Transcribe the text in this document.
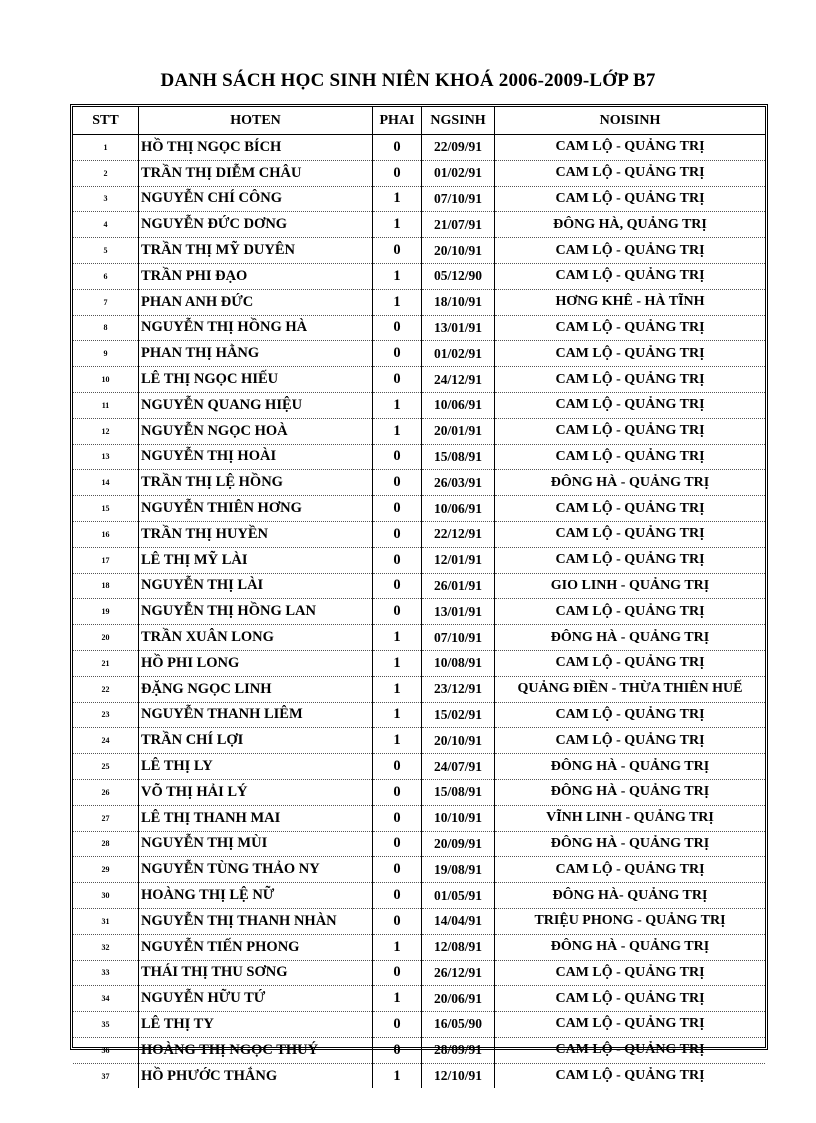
DANH SÁCH HỌC SINH NIÊN KHOÁ 2006-2009-LỚP B7
STT	HOTEN	PHAI	NGSINH	NOISINH
1	HỒ THỊ NGỌC BÍCH	0	22/09/91	CAM LỘ - QUẢNG TRỊ
2	TRẦN THỊ DIỄM CHÂU	0	01/02/91	CAM LỘ - QUẢNG TRỊ
3	NGUYỄN CHÍ CÔNG	1	07/10/91	CAM LỘ - QUẢNG TRỊ
4	NGUYỄN ĐỨC DƠNG	1	21/07/91	ĐÔNG HÀ, QUẢNG TRỊ
5	TRẦN THỊ MỸ DUYÊN	0	20/10/91	CAM LỘ - QUẢNG TRỊ
6	TRẦN PHI ĐẠO	1	05/12/90	CAM LỘ - QUẢNG TRỊ
7	PHAN ANH ĐỨC	1	18/10/91	HƠNG KHÊ - HÀ TĨNH
8	NGUYỄN THỊ HỒNG HÀ	0	13/01/91	CAM LỘ - QUẢNG TRỊ
9	PHAN THỊ HẰNG	0	01/02/91	CAM LỘ - QUẢNG TRỊ
10	LÊ THỊ NGỌC HIẾU	0	24/12/91	CAM LỘ - QUẢNG TRỊ
11	NGUYỄN QUANG HIỆU	1	10/06/91	CAM LỘ - QUẢNG TRỊ
12	NGUYỄN NGỌC HOÀ	1	20/01/91	CAM LỘ - QUẢNG TRỊ
13	NGUYỄN THỊ HOÀI	0	15/08/91	CAM LỘ - QUẢNG TRỊ
14	TRẦN THỊ LỆ HỒNG	0	26/03/91	ĐÔNG HÀ - QUẢNG TRỊ
15	NGUYỄN THIÊN HƠNG	0	10/06/91	CAM LỘ - QUẢNG TRỊ
16	TRẦN THỊ HUYỀN	0	22/12/91	CAM LỘ - QUẢNG TRỊ
17	LÊ THỊ MỸ LÀI	0	12/01/91	CAM LỘ - QUẢNG TRỊ
18	NGUYỄN THỊ LÀI	0	26/01/91	GIO LINH - QUẢNG TRỊ
19	NGUYỄN THỊ HỒNG LAN	0	13/01/91	CAM LỘ - QUẢNG TRỊ
20	TRẦN XUÂN LONG	1	07/10/91	ĐÔNG HÀ - QUẢNG TRỊ
21	HỒ PHI LONG	1	10/08/91	CAM LỘ - QUẢNG TRỊ
22	ĐẶNG NGỌC LINH	1	23/12/91	QUẢNG ĐIỀN - THỪA THIÊN HUẾ
23	NGUYỄN THANH LIÊM	1	15/02/91	CAM LỘ - QUẢNG TRỊ
24	TRẦN CHÍ LỢI	1	20/10/91	CAM LỘ - QUẢNG TRỊ
25	LÊ THỊ LY	0	24/07/91	ĐÔNG HÀ - QUẢNG TRỊ
26	VÕ THỊ HẢI LÝ	0	15/08/91	ĐÔNG HÀ - QUẢNG TRỊ
27	LÊ THỊ THANH MAI	0	10/10/91	VĨNH LINH - QUẢNG TRỊ
28	NGUYỄN THỊ MÙI	0	20/09/91	ĐÔNG HÀ - QUẢNG TRỊ
29	NGUYỄN TÙNG THẢO NY	0	19/08/91	CAM LỘ - QUẢNG TRỊ
30	HOÀNG THỊ LỆ NỮ	0	01/05/91	ĐÔNG HÀ- QUẢNG TRỊ
31	NGUYỄN THỊ THANH NHÀN	0	14/04/91	TRIỆU PHONG - QUẢNG TRỊ
32	NGUYỄN TIẾN PHONG	1	12/08/91	ĐÔNG HÀ - QUẢNG TRỊ
33	THÁI THỊ THU SƠNG	0	26/12/91	CAM LỘ - QUẢNG TRỊ
34	NGUYỄN HỮU TỨ	1	20/06/91	CAM LỘ - QUẢNG TRỊ
35	LÊ THỊ TY	0	16/05/90	CAM LỘ - QUẢNG TRỊ
36	HOÀNG THỊ NGỌC THUÝ	0	28/09/91	CAM LỘ - QUẢNG TRỊ
37	HỒ PHƯỚC THẮNG	1	12/10/91	CAM LỘ - QUẢNG TRỊ
